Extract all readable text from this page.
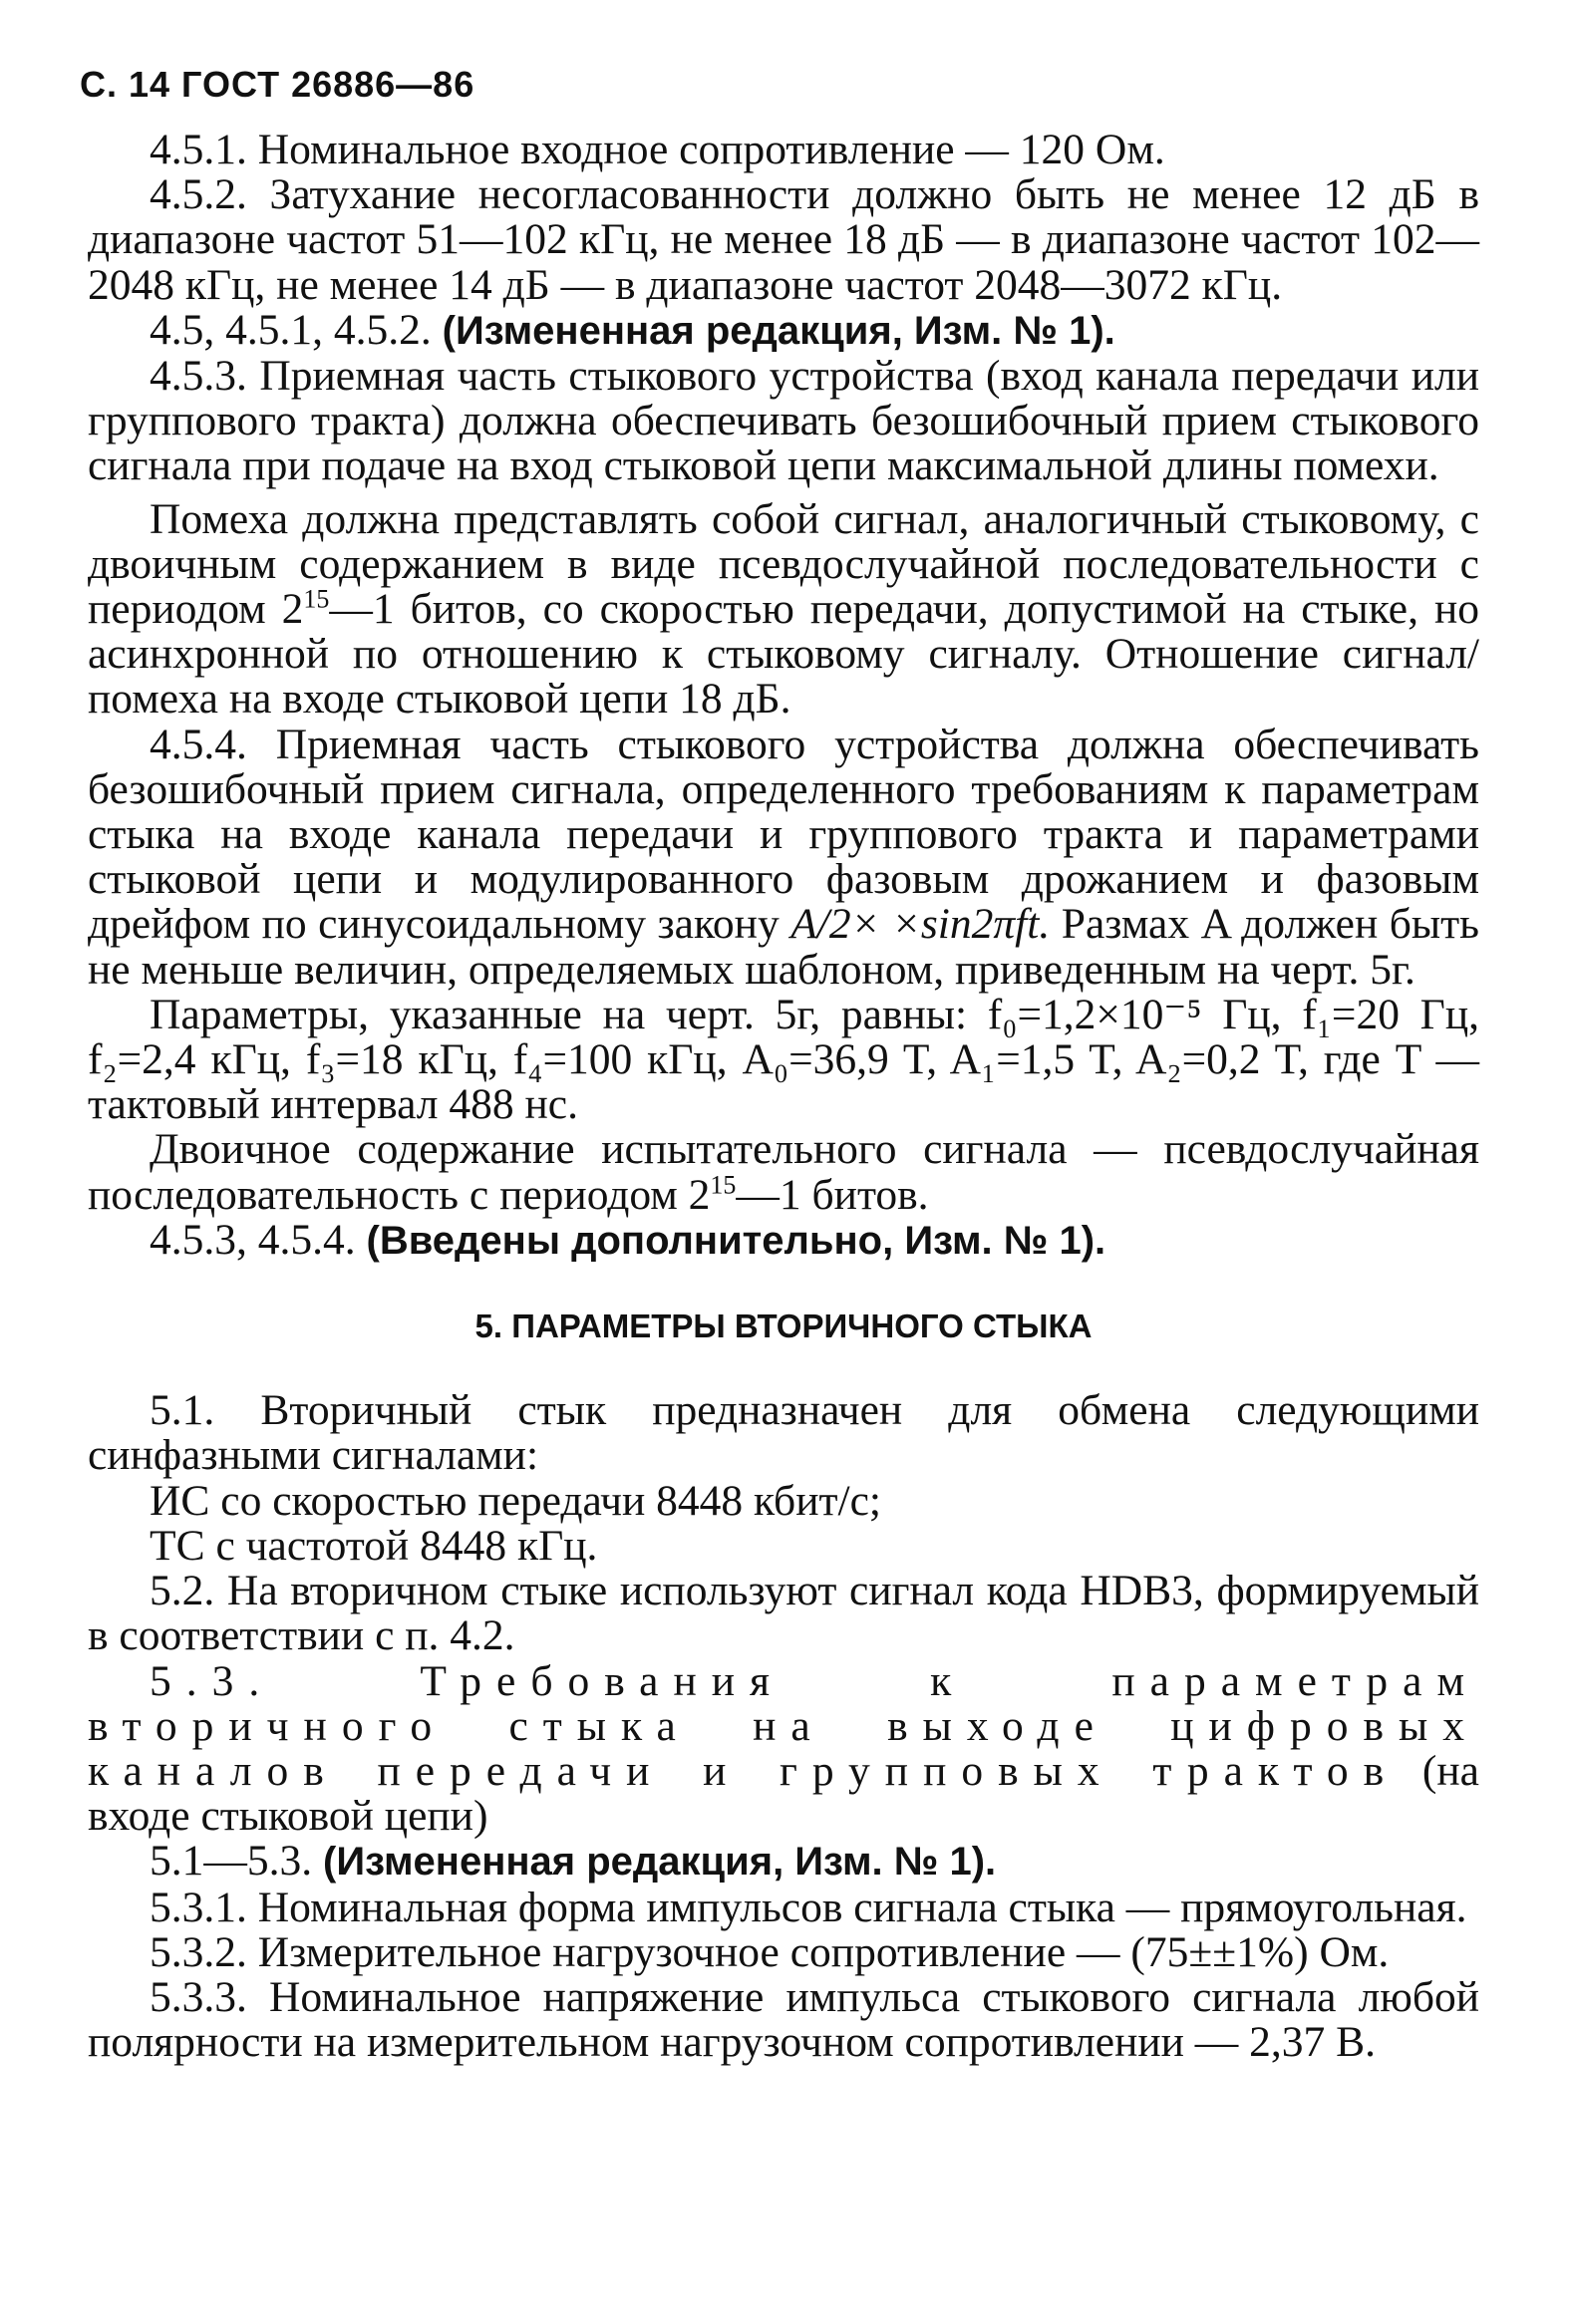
С. 14 ГОСТ 26886—86

4.5.1. Номинальное входное сопротивление — 120 Ом.

4.5.2. Затухание несогласованности должно быть не менее 12 дБ в диапазоне частот 51—102 кГц, не менее 18 дБ — в диапазоне частот 102—2048 кГц, не менее 14 дБ — в диапазоне частот 2048—3072 кГц.

4.5, 4.5.1, 4.5.2. (Измененная редакция, Изм. № 1).

4.5.3. Приемная часть стыкового устройства (вход канала передачи или группового тракта) должна обеспечивать безошибочный прием стыкового сигнала при подаче на вход стыковой цепи максимальной длины помехи.

Помеха должна представлять собой сигнал, аналогичный стыковому, с двоичным содержанием в виде псевдослучайной последовательности с периодом $2^{15}—1$ битов, со скоростью передачи, допустимой на стыке, но асинхронной по отношению к стыковому сигналу. Отношение сигнал/помеха на входе стыковой цепи 18 дБ.

4.5.4. Приемная часть стыкового устройства должна обеспечивать безошибочный прием сигнала, определенного требованиям к параметрам стыка на входе канала передачи и группового тракта и параметрами стыковой цепи и модулированного фазовым дрожанием и фазовым дрейфом по синусоидальному закону A/2× ×sin2πft. Размах A должен быть не меньше величин, определяемых шаблоном, приведенным на черт. 5г.

Параметры, указанные на черт. 5г, равны: f₀=1,2×10⁻⁵ Гц, f₁=20 Гц, f₂=2,4 кГц, f₃=18 кГц, f₄=100 кГц, A₀=36,9 T, A₁=1,5 T, A₂=0,2 T, где T — тактовый интервал 488 нс.

Двоичное содержание испытательного сигнала — псевдослучайная последовательность с периодом $2^{15}—1$ битов.

4.5.3, 4.5.4. (Введены дополнительно, Изм. № 1).

5. ПАРАМЕТРЫ ВТОРИЧНОГО СТЫКА

5.1. Вторичный стык предназначен для обмена следующими синфазными сигналами:

ИС со скоростью передачи 8448 кбит/с;

ТС с частотой 8448 кГц.

5.2. На вторичном стыке используют сигнал кода HDB3, формируемый в соответствии с п. 4.2.

5.3. Требования к параметрам вторичного стыка на выходе цифровых каналов передачи и групповых трактов (на входе стыковой цепи)

5.1—5.3. (Измененная редакция, Изм. № 1).

5.3.1. Номинальная форма импульсов сигнала стыка — прямоугольная.

5.3.2. Измерительное нагрузочное сопротивление — (75±±1%) Ом.

5.3.3. Номинальное напряжение импульса стыкового сигнала любой полярности на измерительном нагрузочном сопротивлении — 2,37 В.
